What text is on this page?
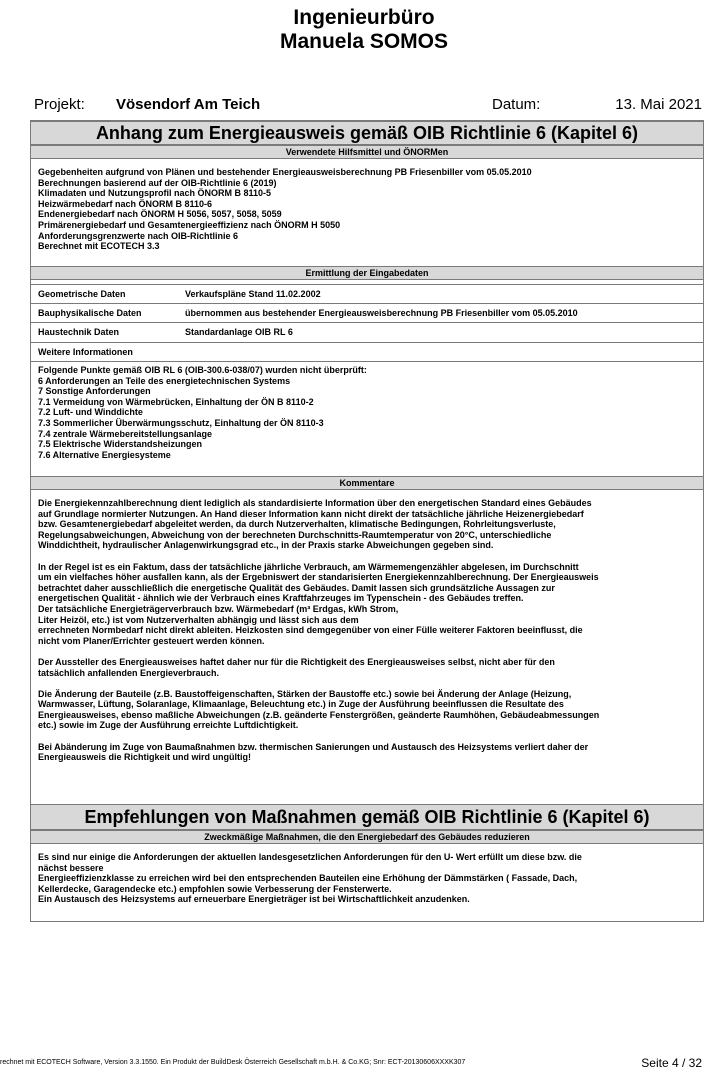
Ingenieurbüro
Manuela SOMOS
Projekt: Vösendorf Am Teich	Datum:	13. Mai 2021
Anhang zum Energieausweis gemäß OIB Richtlinie 6 (Kapitel 6)
Verwendete Hilfsmittel und ÖNORMen
Gegebenheiten aufgrund von Plänen und bestehender Energieausweisberechnung PB Friesenbiller vom 05.05.2010
Berechnungen basierend auf der OIB-Richtlinie 6 (2019)
Klimadaten und Nutzungsprofil nach ÖNORM B 8110-5
Heizwärmebedarf nach ÖNORM B 8110-6
Endenergiebedarf nach ÖNORM H 5056, 5057, 5058, 5059
Primärenergiebedarf und Gesamtenergieeffizienz nach ÖNORM H 5050
Anforderungsgrenzwerte nach OIB-Richtlinie 6
Berechnet mit ECOTECH 3.3
Ermittlung der Eingabedaten
Geometrische Daten	Verkaufspläne Stand 11.02.2002
Bauphysikalische Daten	übernommen aus bestehender Energieausweisberechnung PB Friesenbiller vom 05.05.2010
Haustechnik Daten	Standardanlage OIB RL 6
Weitere Informationen
Folgende Punkte gemäß OIB RL 6 (OIB-300.6-038/07) wurden nicht überprüft:
6 Anforderungen an Teile des energietechnischen Systems
7 Sonstige Anforderungen
7.1 Vermeidung von Wärmebrücken, Einhaltung der ÖN B 8110-2
7.2 Luft- und Winddichte
7.3 Sommerlicher Überwärmungsschutz, Einhaltung der ÖN 8110-3
7.4 zentrale Wärmebereitstellungsanlage
7.5 Elektrische Widerstandsheizungen
7.6 Alternative Energiesysteme
Kommentare
Die Energiekennzahlberechnung dient lediglich als standardisierte Information über den energetischen Standard eines Gebäudes
auf Grundlage normierter Nutzungen. An Hand dieser Information kann nicht direkt der tatsächliche jährliche Heizenergiebedarf
bzw. Gesamtenergiebedarf abgeleitet werden, da durch Nutzerverhalten, klimatische Bedingungen, Rohrleitungsverluste,
Regelungsabweichungen, Abweichung von der berechneten Durchschnitts-Raumtemperatur von 20°C, unterschiedliche
Winddichtheit, hydraulischer Anlagenwirkungsgrad etc., in der Praxis starke Abweichungen gegeben sind.
In der Regel ist es ein Faktum, dass der tatsächliche jährliche Verbrauch, am Wärmemengenzähler abgelesen, im Durchschnitt
um ein vielfaches höher ausfallen kann, als der Ergebniswert der standarisierten Energiekennzahlberechnung. Der Energieausweis
betrachtet daher ausschließlich die energetische Qualität des Gebäudes. Damit lassen sich grundsätzliche Aussagen zur
energetischen Qualität - ähnlich wie der Verbrauch eines Kraftfahrzeuges im Typenschein - des Gebäudes treffen.
Der tatsächliche Energieträgerverbrauch bzw. Wärmebedarf (m³ Erdgas, kWh Strom,
Liter Heizöl, etc.) ist vom Nutzerverhalten abhängig und lässt sich aus dem
errechneten Normbedarf nicht direkt ableiten. Heizkosten sind demgegenüber von einer Fülle weiterer Faktoren beeinflusst, die
nicht vom Planer/Errichter gesteuert werden können.
Der Aussteller des Energieausweises haftet daher nur für die Richtigkeit des Energieausweises selbst, nicht aber für den
tatsächlich anfallenden Energieverbrauch.
Die Änderung der Bauteile (z.B. Baustoffeigenschaften, Stärken der Baustoffe etc.) sowie bei Änderung der Anlage (Heizung,
Warmwasser, Lüftung, Solaranlage, Klimaanlage, Beleuchtung etc.) in Zuge der Ausführung beeinflussen die Resultate des
Energieausweises, ebenso maßliche Abweichungen (z.B. geänderte Fenstergrößen, geänderte Raumhöhen, Gebäudeabmessungen
etc.) sowie im Zuge der Ausführung erreichte Luftdichtigkeit.
Bei Abänderung im Zuge von Baumaßnahmen bzw. thermischen Sanierungen und Austausch des Heizsystems verliert daher der
Energieausweis die Richtigkeit und wird ungültig!
Empfehlungen von Maßnahmen gemäß OIB Richtlinie 6 (Kapitel 6)
Zweckmäßige Maßnahmen, die den Energiebedarf des Gebäudes reduzieren
Es sind nur einige die Anforderungen der aktuellen landesgesetzlichen Anforderungen für den U- Wert erfüllt um diese bzw. die
nächst bessere
Energieeffizienzklasse zu erreichen wird bei den entsprechenden Bauteilen eine Erhöhung der Dämmstärken ( Fassade, Dach,
Kellerdecke, Garagendecke etc.) empfohlen sowie Verbesserung der Fensterwerte.
Ein Austausch des Heizsystems auf erneuerbare Energieträger ist bei Wirtschaftlichkeit anzudenken.
rechnet mit ECOTECH Software, Version 3.3.1550. Ein Produkt der BuildDesk Österreich Gesellschaft m.b.H. & Co.KG; Snr: ECT-20130606XXXK307	Seite 4 / 32
